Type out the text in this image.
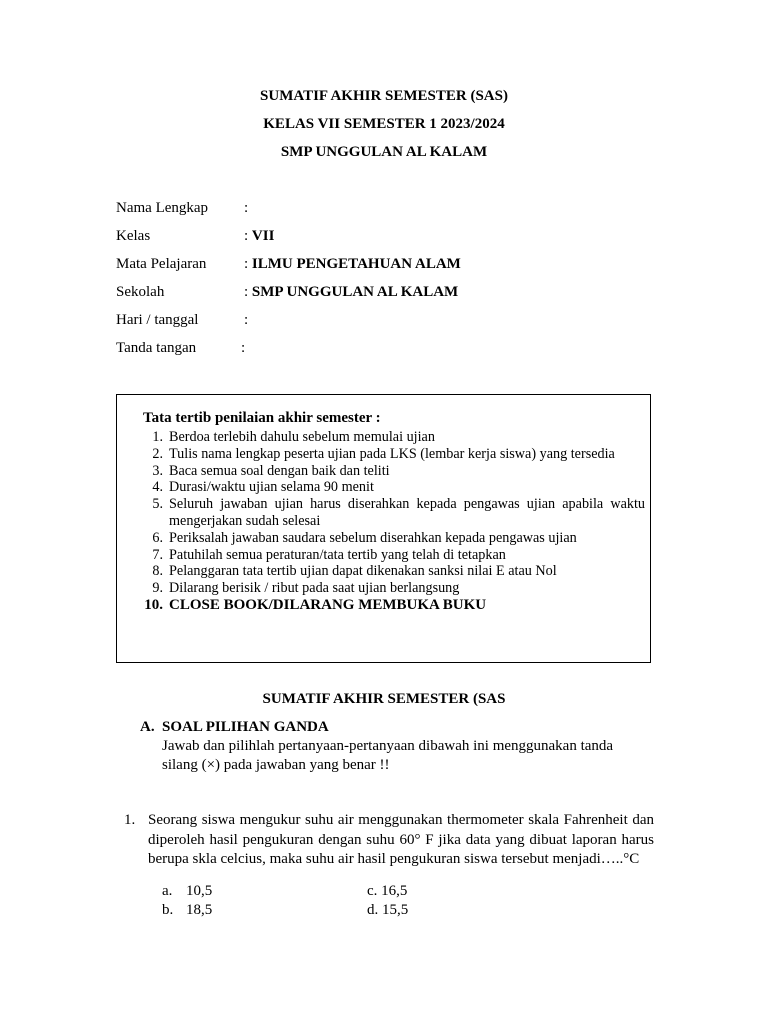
SUMATIF AKHIR SEMESTER (SAS)
KELAS VII SEMESTER 1 2023/2024
SMP UNGGULAN AL KALAM
Nama Lengkap :
Kelas	: VII
Mata Pelajaran	: ILMU PENGETAHUAN ALAM
Sekolah	: SMP UNGGULAN AL KALAM
Hari / tanggal	:
Tanda tangan	:
Tata tertib penilaian akhir semester :
1. Berdoa terlebih dahulu sebelum memulai ujian
2. Tulis nama lengkap peserta ujian pada LKS (lembar kerja siswa) yang tersedia
3. Baca semua soal dengan baik dan teliti
4. Durasi/waktu ujian selama 90 menit
5. Seluruh jawaban ujian harus diserahkan kepada pengawas ujian apabila waktu mengerjakan sudah selesai
6. Periksalah jawaban saudara sebelum diserahkan kepada pengawas ujian
7. Patuhilah semua peraturan/tata tertib yang telah di tetapkan
8. Pelanggaran tata tertib ujian dapat dikenakan sanksi nilai E atau Nol
9. Dilarang berisik / ribut pada saat ujian berlangsung
10. CLOSE BOOK/DILARANG MEMBUKA BUKU
SUMATIF AKHIR SEMESTER (SAS
A. SOAL PILIHAN GANDA
Jawab dan pilihlah pertanyaan-pertanyaan dibawah ini menggunakan tanda silang (×) pada jawaban yang benar !!
1. Seorang siswa mengukur suhu air menggunakan thermometer skala Fahrenheit dan diperoleh hasil pengukuran dengan suhu 60° F jika data yang dibuat laporan harus berupa skla celcius, maka suhu air hasil pengukuran siswa tersebut menjadi…..°C
a. 10,5
b. 18,5
c. 16,5
d. 15,5
